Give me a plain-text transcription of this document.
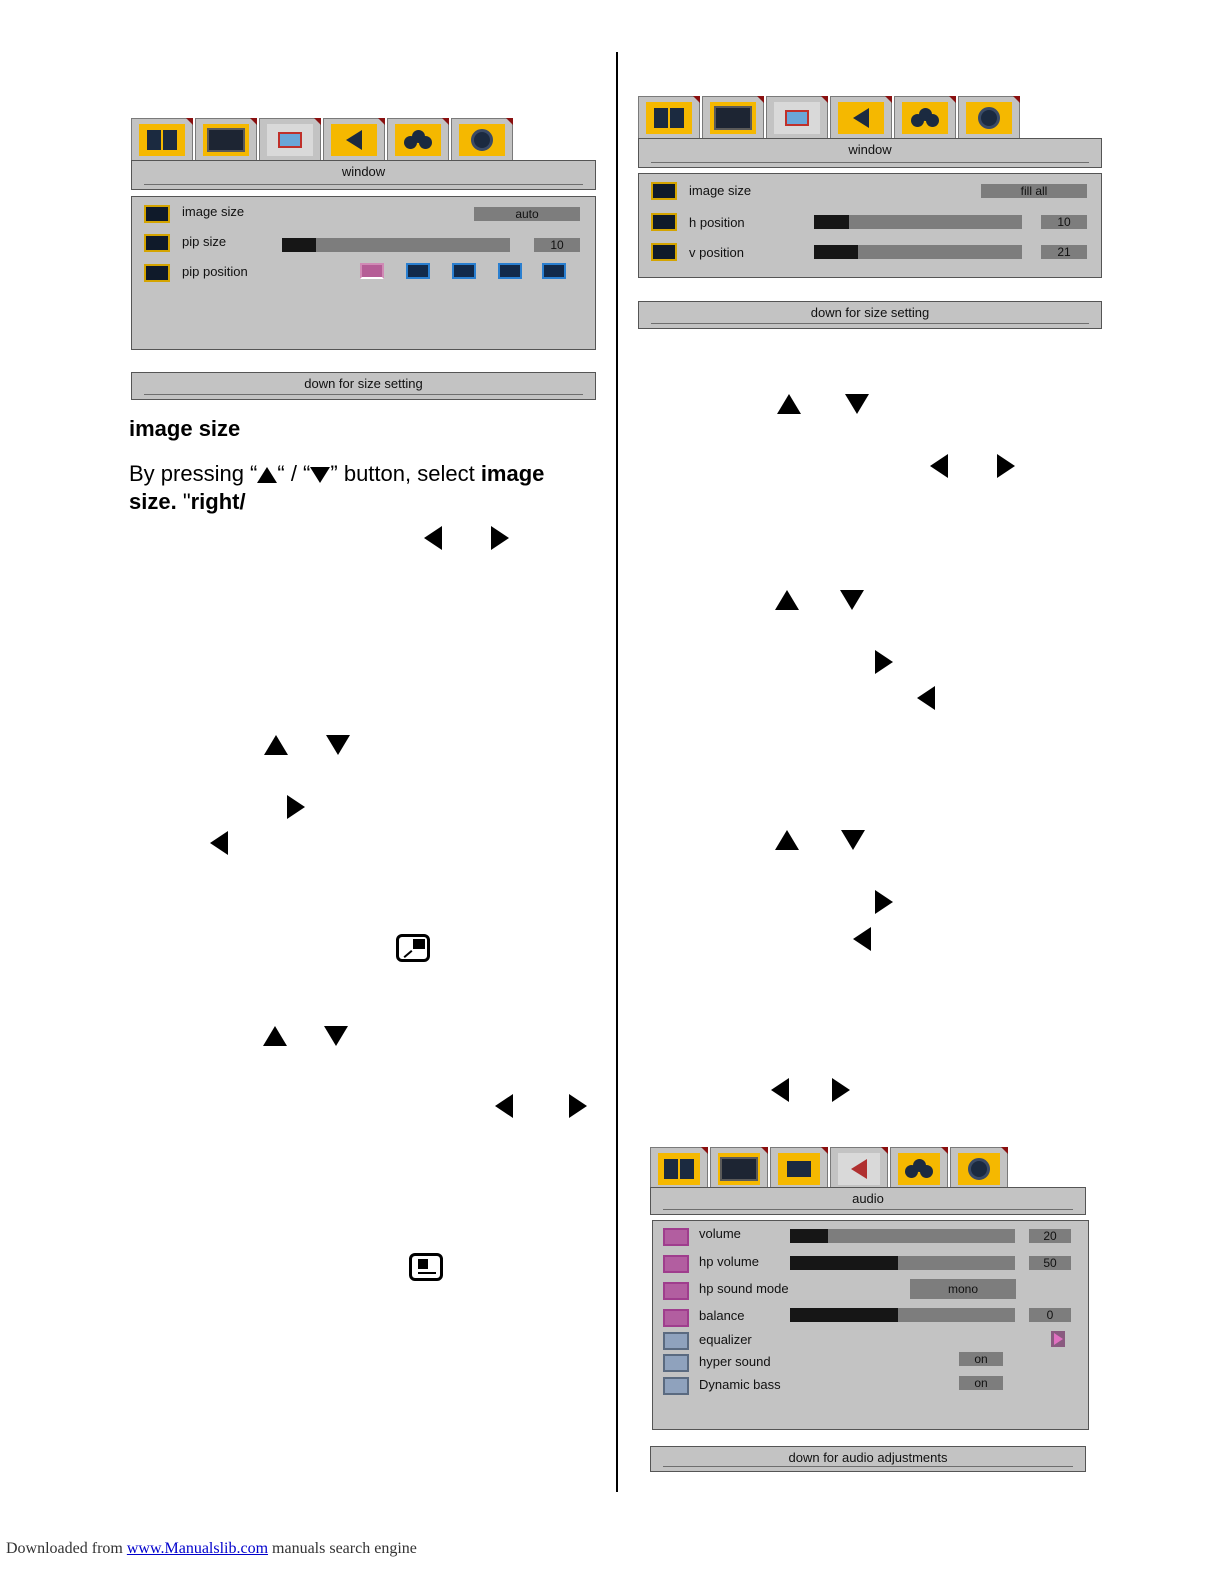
window
image size	auto
pip size	10
pip position
down for size setting
window
image size	fill all
h position	10
v position	21
down for size setting
audio
volume	20
hp volume	50
hp sound mode	mono
balance	0
equalizer
hyper sound	on
Dynamic bass	on
down for audio adjustments
image size
By pressing “ “ / “ ” button, select image
size. "right/
Downloaded from www.Manualslib.com manuals search engine
